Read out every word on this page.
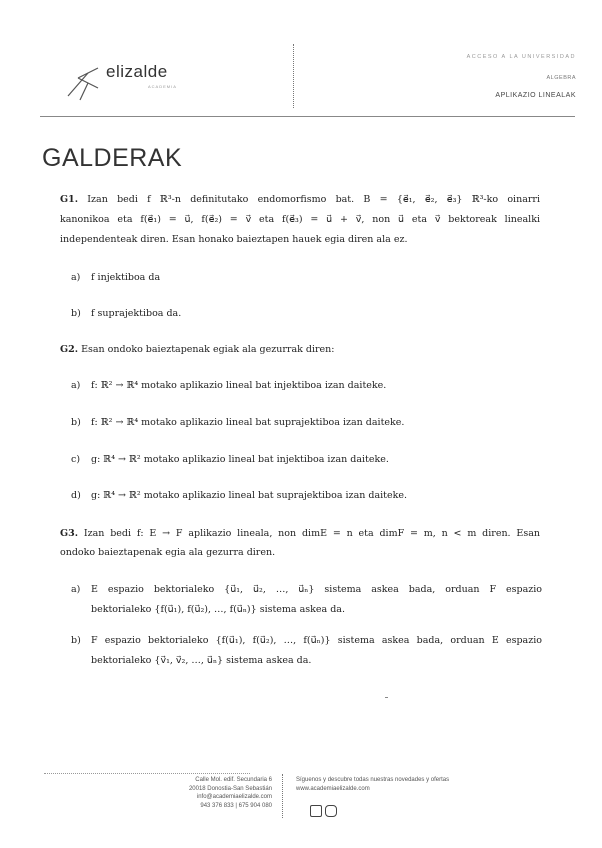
elizalde
ACADEMIA
ACCESO A LA UNIVERSIDAD
ALGEBRA
APLIKAZIO LINEALAK
GALDERAK
G1. Izan bedi f ℝ³-n definitutako endomorfismo bat. B = {e⃗₁, e⃗₂, e⃗₃} ℝ³-ko oinarri
kanonikoa eta f(e⃗₁) = u⃗, f(e⃗₂) = v⃗ eta f(e⃗₃) = u⃗ + v⃗, non u⃗ eta v⃗ bektoreak linealki
independenteak diren. Esan honako baieztapen hauek egia diren ala ez.
a) f injektiboa da
b) f suprajektiboa da.
G2. Esan ondoko baieztapenak egiak ala gezurrak diren:
a) f: ℝ² → ℝ⁴ motako aplikazio lineal bat injektiboa izan daiteke.
b) f: ℝ² → ℝ⁴ motako aplikazio lineal bat suprajektiboa izan daiteke.
c) g: ℝ⁴ → ℝ² motako aplikazio lineal bat injektiboa izan daiteke.
d) g: ℝ⁴ → ℝ² motako aplikazio lineal bat suprajektiboa izan daiteke.
G3. Izan bedi f: E → F aplikazio lineala, non dimE = n eta dimF = m, n < m diren. Esan
ondoko baieztapenak egia ala gezurra diren.
a) E espazio bektorialeko {u⃗₁, u⃗₂, …, u⃗ₙ} sistema askea bada, orduan F espazio
bektorialeko {f(u⃗₁), f(u⃗₂), …, f(u⃗ₙ)} sistema askea da.
b) F espazio bektorialeko {f(u⃗₁), f(u⃗₂), …, f(u⃗ₙ)} sistema askea bada, orduan E espazio
bektorialeko {v⃗₁, v⃗₂, …, u⃗ₙ} sistema askea da.
Calle Mol. edif. Secundaria 6
20018 Donostia-San Sebastián
info@academiaelizalde.com
943 376 833 | 675 904 080
Síguenos y descubre todas nuestras novedades y ofertas
www.academiaelizalde.com
